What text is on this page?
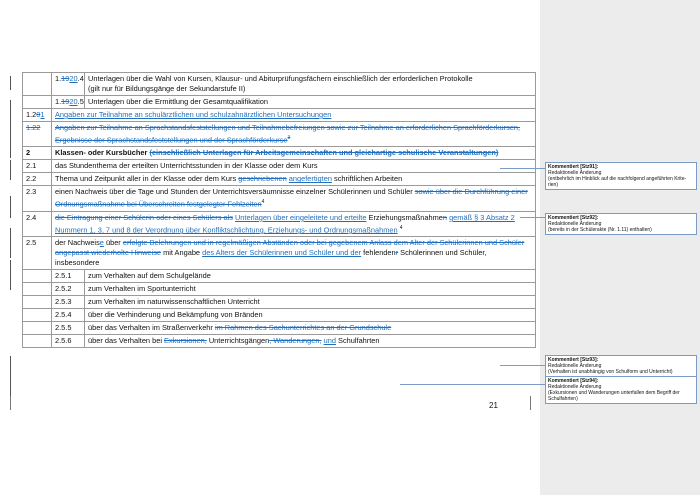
	1.1920.4	Unterlagen über die Wahl von Kursen, Klausur- und Abiturprüfungsfächern einschließlich der erforderlichen Protokolle
(gilt nur für Bildungsgänge der Sekundarstufe II)
	1.1920.5	Unterlagen über die Ermittlung der Gesamtqualifikation
1.201	Angaben zur Teilnahme an schulärztlichen und schulzahnärztlichen Untersuchungen	
1.22	Angaben zur Teilnahme an Sprachstandsfeststellungen und Teilnahmebefreiungen sowie zur Teilnahme an erforderlichen Sprachförderkursen, Ergebnisse der Sprachstandsfeststellungen und der Sprachförderkurse$^3$
2	Klassen- oder Kursbücher (einschließlich Unterlagen für Arbeitsgemeinschaften und gleichartige schulische Veranstaltungen)	
2.1	das Stundenthema der erteilten Unterrichtsstunden in der Klasse oder dem Kurs	
2.2	Thema und Zeitpunkt aller in der Klasse oder dem Kurs geschriebenen angefertigten schriftlichen Arbeiten	
2.3	einen Nachweis über die Tage und Stunden der Unterrichtsversäumnisse einzelner Schülerinnen und Schüler sowie über die Durchführung einer Ordnungsmaßnahme bei Überschreiten festgelegter Fehlzeiten$^4$
2.4	die Eintragung einer Schülerin oder eines Schülers als Unterlagen über eingeleitete und erteilte Erziehungsmaßnahmen gemäß § 3 Absatz 2 Nummern 1, 3, 7 und 8 der Verordnung über Konfliktschlichtung, Erziehungs- und Ordnungsmaßnahmen $^4$
2.5	der Nachweise über erfolgte Belehrungen und in regelmäßigen Abständen oder bei gegebenem Anlass dem Alter der Schülerinnen und Schüler angepasst wiederholte Hinweise mit Angabe des Alters der Schülerinnen und Schüler und der fehlendenr Schülerinnen und Schüler, insbesondere	
	2.5.1	zum Verhalten auf dem Schulgelände
	2.5.2	zum Verhalten im Sportunterricht
	2.5.3	zum Verhalten im naturwissenschaftlichen Unterricht
	2.5.4	über die Verhinderung und Bekämpfung von Bränden
	2.5.5	über das Verhalten im Straßenverkehr im Rahmen des Sachunterrichtes an der Grundschule
	2.5.6	über das Verhalten bei Exkursionen, Unterrichtsgängen, Wanderungen, und Schulfahrten
Kommentiert [Stz91]:
Redaktionelle Änderung
(entbehrlich im Hinblick auf die nachfolgend angeführten Krite-
rien)
Kommentiert [Stz92]:
Redaktionelle Änderung
(bereits in der Schülerakte (Nr. 1.11) enthalten)
Kommentiert [Stz93]:
Redaktionelle Änderung
(Verhalten ist unabhängig von Schulform und Unterricht)
Kommentiert [Stz94]:
Redaktionelle Änderung
(Exkursionen und Wanderungen unterfallen dem Begriff der
Schulfahrten)
21
